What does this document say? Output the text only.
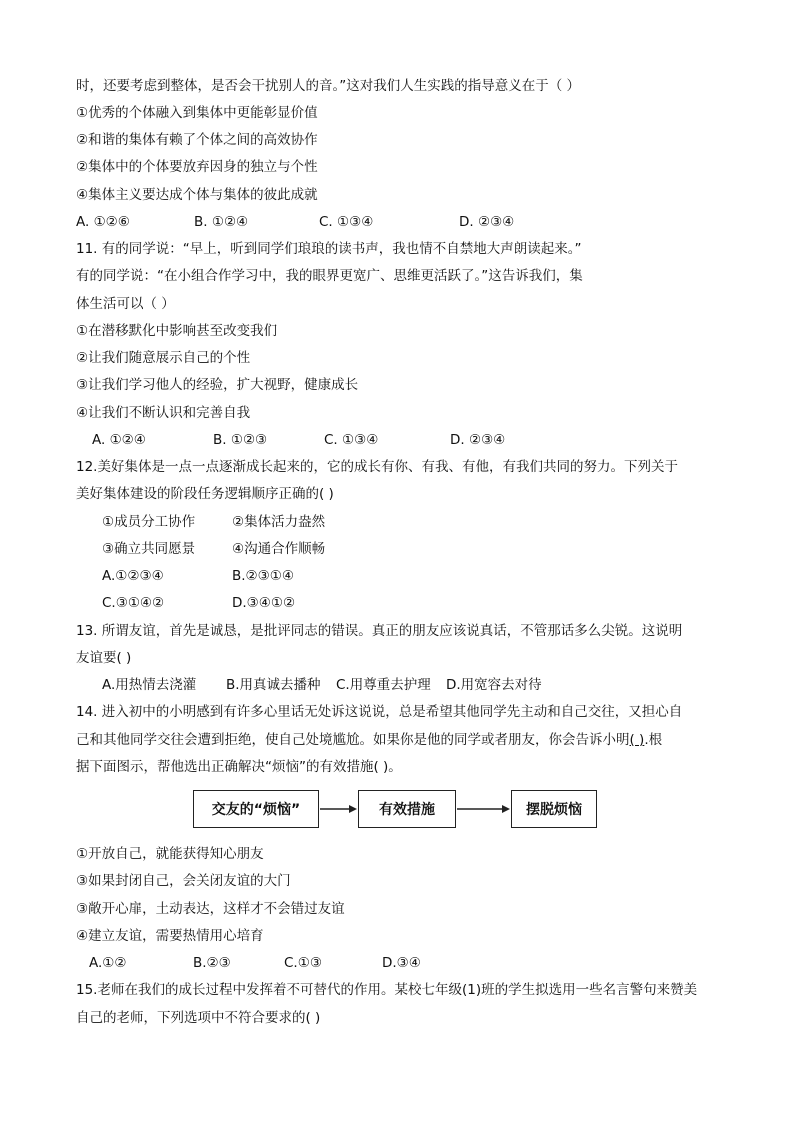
时，还要考虑到整体，是否会干扰别人的音。”这对我们人生实践的指导意义在于（ ）
①优秀的个体融入到集体中更能彰显价值
②和谐的集体有赖了个体之间的高效协作
②集体中的个体要放弃因身的独立与个性
④集体主义要达成个体与集体的彼此成就
A. ①②⑥	B. ①②④	C. ①③④	D. ②③④
11. 有的同学说：“早上，听到同学们琅琅的读书声，我也情不自禁地大声朗读起来。”
有的同学说：“在小组合作学习中，我的眼界更宽广、思维更活跃了。”这告诉我们，集
体生活可以（ ）
①在潜移默化中影响甚至改变我们
②让我们随意展示自己的个性
③让我们学习他人的经验，扩大视野，健康成长
④让我们不断认识和完善自我
A. ①②④	B. ①②③	C. ①③④	D. ②③④
12.美好集体是一点一点逐渐成长起来的，它的成长有你、有我、有他，有我们共同的努力。下列关于
美好集体建设的阶段任务逻辑顺序正确的( )
①成员分工协作	②集体活力盎然
③确立共同愿景	④沟通合作顺畅
A.①②③④	B.②③①④
C.③①④②	D.③④①②
13. 所谓友谊，首先是诚恳，是批评同志的错误。真正的朋友应该说真话，不管那话多么尖锐。这说明
友谊要( )
A.用热情去浇灌 B.用真诚去播种 C.用尊重去护理 D.用宽容去对待
14. 进入初中的小明感到有许多心里话无处诉这说说，总是希望其他同学先主动和自己交往，又担心自
己和其他同学交往会遭到拒绝，使自己处境尴尬。如果你是他的同学或者朋友，你会告诉小明( ).根
据下面图示，帮他选出正确解决“烦恼”的有效措施( )。
交友的“烦恼”	有效措施	摆脱烦恼
①开放自己，就能获得知心朋友
③如果封闭自己，会关闭友谊的大门
③敞开心扉，土动表达，这样才不会错过友谊
④建立友谊，需要热情用心培育
A.①②	B.②③	C.①③	D.③④
15.老师在我们的成长过程中发挥着不可替代的作用。某校七年级(1)班的学生拟选用一些名言警句来赞美
自己的老师，下列选项中不符合要求的( )
